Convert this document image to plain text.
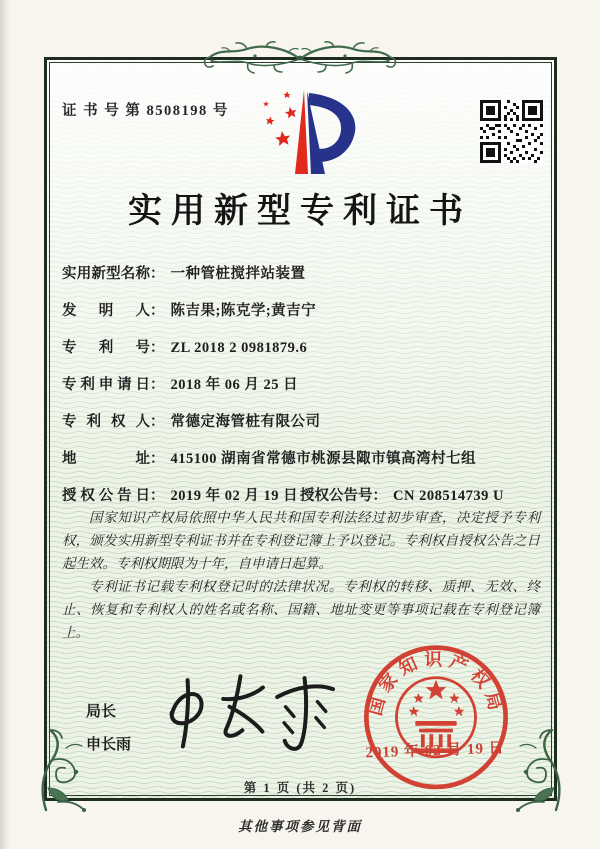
证 书 号 第 8508198 号
实用新型专利证书
实用新型名称： 一种管桩搅拌站装置
发明人： 陈吉果;陈克学;黄吉宁
专利号： ZL 2018 2 0981879.6
专利申请日： 2018 年 06 月 25 日
专利权人： 常德定海管桩有限公司
地址： 415100 湖南省常德市桃源县陬市镇高湾村七组
授权公告日： 2019 年 02 月 19 日 授权公告号： CN 208514739 U

国家知识产权局依照中华人民共和国专利法经过初步审查，决定授予专利权，颁发实用新型专利证书并在专利登记簿上予以登记。专利权自授权公告之日起生效。专利权期限为十年，自申请日起算。

专利证书记载专利权登记时的法律状况。专利权的转移、质押、无效、终止、恢复和专利权人的姓名或名称、国籍、地址变更等事项记载在专利登记簿上。

局长
申长雨
国家知识产权局
2019 年 02 月 19 日
第 1 页 (共 2 页)
其他事项参见背面
